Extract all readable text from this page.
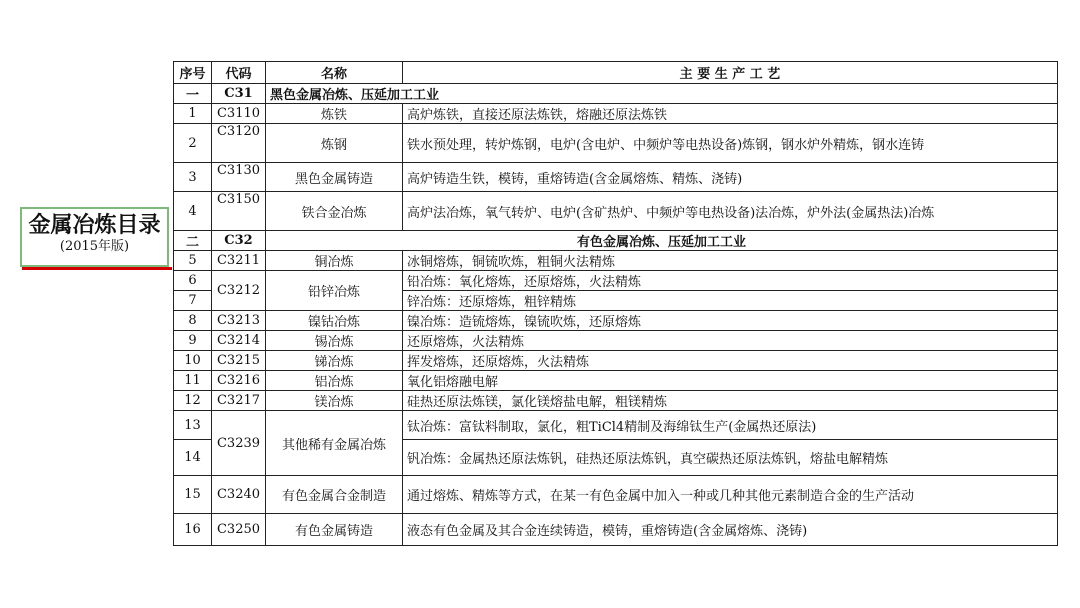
金属冶炼目录
(2015年版)
序号	代码	名称	主 要 生 产 工 艺
一	C31	黑色金属冶炼、压延加工工业	
1	C3110	炼铁	高炉炼铁，直接还原法炼铁，熔融还原法炼铁
2	C3120	炼钢	铁水预处理，转炉炼钢，电炉(含电炉、中频炉等电热设备)炼钢，钢水炉外精炼，钢水连铸
3	C3130	黑色金属铸造	高炉铸造生铁，模铸，重熔铸造(含金属熔炼、精炼、浇铸)
4	C3150	铁合金冶炼	高炉法冶炼，氧气转炉、电炉(含矿热炉、中频炉等电热设备)法冶炼，炉外法(金属热法)冶炼
二	C32	有色金属冶炼、压延加工工业	
5	C3211	铜冶炼	冰铜熔炼，铜锍吹炼，粗铜火法精炼
6	C3212	铅锌冶炼	铅冶炼：氧化熔炼，还原熔炼，火法精炼
7			锌冶炼：还原熔炼，粗锌精炼
8	C3213	镍钴冶炼	镍冶炼：造锍熔炼，镍锍吹炼，还原熔炼
9	C3214	锡冶炼	还原熔炼，火法精炼
10	C3215	锑冶炼	挥发熔炼，还原熔炼，火法精炼
11	C3216	铝冶炼	氧化铝熔融电解
12	C3217	镁冶炼	硅热还原法炼镁，氯化镁熔盐电解，粗镁精炼
13	C3239	其他稀有金属冶炼	钛冶炼：富钛料制取，氯化，粗TiCl4精制及海绵钛生产(金属热还原法)
14			钒冶炼：金属热还原法炼钒，硅热还原法炼钒，真空碳热还原法炼钒，熔盐电解精炼
15	C3240	有色金属合金制造	通过熔炼、精炼等方式，在某一有色金属中加入一种或几种其他元素制造合金的生产活动
16	C3250	有色金属铸造	液态有色金属及其合金连续铸造，模铸，重熔铸造(含金属熔炼、浇铸)
